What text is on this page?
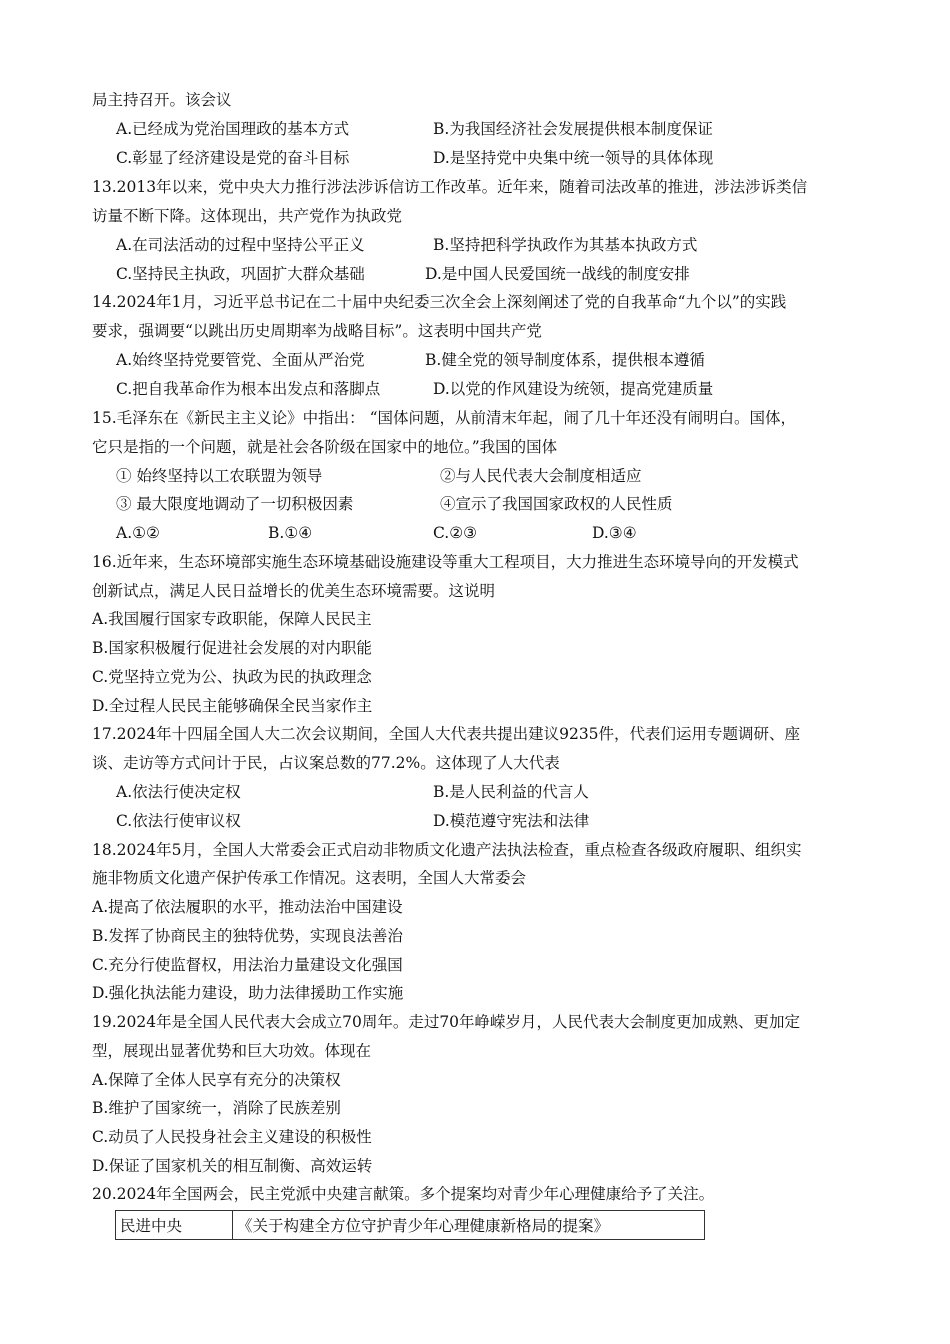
局主持召开。该会议
A.已经成为党治国理政的基本方式	B.为我国经济社会发展提供根本制度保证
C.彰显了经济建设是党的奋斗目标	D.是坚持党中央集中统一领导的具体体现
13.2013年以来，党中央大力推行涉法涉诉信访工作改革。近年来，随着司法改革的推进，涉法涉诉类信
访量不断下降。这体现出，共产党作为执政党
A.在司法活动的过程中坚持公平正义	B.坚持把科学执政作为其基本执政方式
C.坚持民主执政，巩固扩大群众基础	D.是中国人民爱国统一战线的制度安排
14.2024年1月，习近平总书记在二十届中央纪委三次全会上深刻阐述了党的自我革命“九个以”的实践
要求，强调要“以跳出历史周期率为战略目标”。这表明中国共产党
A.始终坚持党要管党、全面从严治党	B.健全党的领导制度体系，提供根本遵循
C.把自我革命作为根本出发点和落脚点	D.以党的作风建设为统领，提高党建质量
15.毛泽东在《新民主主义论》中指出： “国体问题，从前清末年起，闹了几十年还没有闹明白。国体，
它只是指的一个问题，就是社会各阶级在国家中的地位。”我国的国体
① 始终坚持以工农联盟为领导	②与人民代表大会制度相适应
③ 最大限度地调动了一切积极因素	④宣示了我国国家政权的人民性质
A.①②	B.①④	C.②③	D.③④
16.近年来，生态环境部实施生态环境基础设施建设等重大工程项目，大力推进生态环境导向的开发模式
创新试点，满足人民日益增长的优美生态环境需要。这说明
A.我国履行国家专政职能，保障人民民主
B.国家积极履行促进社会发展的对内职能
C.党坚持立党为公、执政为民的执政理念
D.全过程人民民主能够确保全民当家作主
17.2024年十四届全国人大二次会议期间，全国人大代表共提出建议9235件，代表们运用专题调研、座
谈、走访等方式问计于民，占议案总数的77.2%。这体现了人大代表
A.依法行使决定权	B.是人民利益的代言人
C.依法行使审议权	D.模范遵守宪法和法律
18.2024年5月，全国人大常委会正式启动非物质文化遗产法执法检查，重点检查各级政府履职、组织实
施非物质文化遗产保护传承工作情况。这表明，全国人大常委会
A.提高了依法履职的水平，推动法治中国建设
B.发挥了协商民主的独特优势，实现良法善治
C.充分行使监督权，用法治力量建设文化强国
D.强化执法能力建设，助力法律援助工作实施
19.2024年是全国人民代表大会成立70周年。走过70年峥嵘岁月，人民代表大会制度更加成熟、更加定
型，展现出显著优势和巨大功效。体现在
A.保障了全体人民享有充分的决策权
B.维护了国家统一，消除了民族差别
C.动员了人民投身社会主义建设的积极性
D.保证了国家机关的相互制衡、高效运转
20.2024年全国两会，民主党派中央建言献策。多个提案均对青少年心理健康给予了关注。
民进中央	《关于构建全方位守护青少年心理健康新格局的提案》
